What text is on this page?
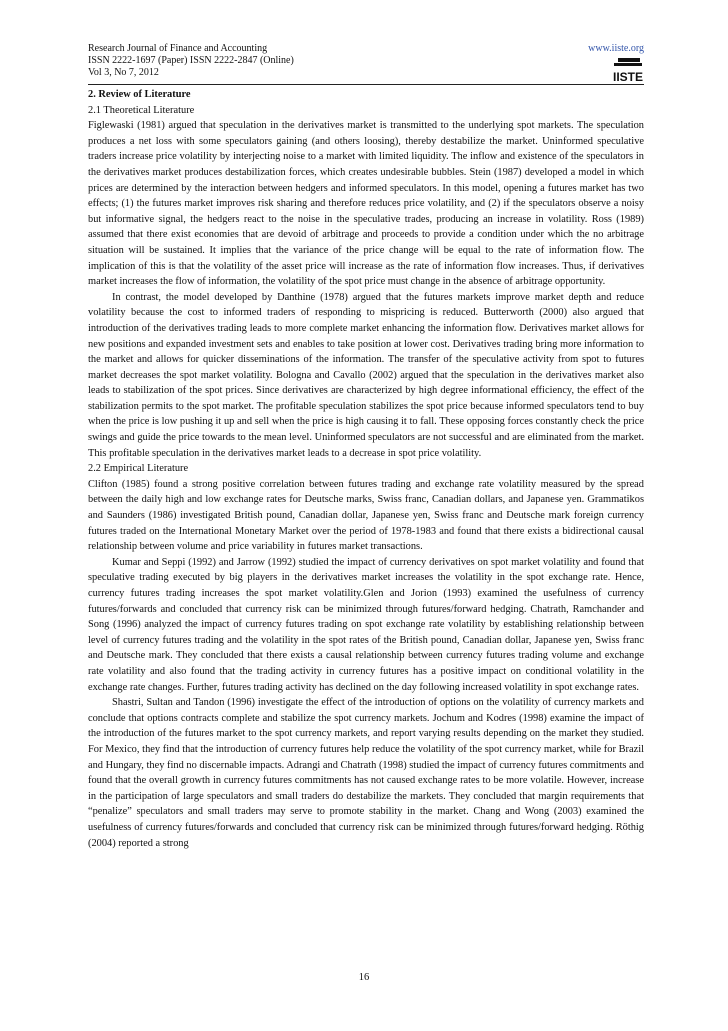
Research Journal of Finance and Accounting
ISSN 2222-1697 (Paper) ISSN 2222-2847 (Online)
Vol 3, No 7, 2012
www.iiste.org
IISTE
2. Review of Literature
2.1 Theoretical Literature

Figlewaski (1981) argued that speculation in the derivatives market is transmitted to the underlying spot markets. The speculation produces a net loss with some speculators gaining (and others loosing), thereby destabilize the market. Uninformed speculative traders increase price volatility by interjecting noise to a market with limited liquidity. The inflow and existence of the speculators in the derivatives market produces destabilization forces, which creates undesirable bubbles. Stein (1987) developed a model in which prices are determined by the interaction between hedgers and informed speculators. In this model, opening a futures market has two effects; (1) the futures market improves risk sharing and therefore reduces price volatility, and (2) if the speculators observe a noisy but informative signal, the hedgers react to the noise in the speculative trades, producing an increase in volatility. Ross (1989) assumed that there exist economies that are devoid of arbitrage and proceeds to provide a condition under which the no arbitrage situation will be sustained. It implies that the variance of the price change will be equal to the rate of information flow. The implication of this is that the volatility of the asset price will increase as the rate of information flow increases. Thus, if derivatives market increases the flow of information, the volatility of the spot price must change in the absence of arbitrage opportunity.

In contrast, the model developed by Danthine (1978) argued that the futures markets improve market depth and reduce volatility because the cost to informed traders of responding to mispricing is reduced. Butterworth (2000) also argued that introduction of the derivatives trading leads to more complete market enhancing the information flow. Derivatives market allows for new positions and expanded investment sets and enables to take position at lower cost. Derivatives trading bring more information to the market and allows for quicker disseminations of the information. The transfer of the speculative activity from spot to futures market decreases the spot market volatility. Bologna and Cavallo (2002) argued that the speculation in the derivatives market also leads to stabilization of the spot prices. Since derivatives are characterized by high degree informational efficiency, the effect of the stabilization permits to the spot market. The profitable speculation stabilizes the spot price because informed speculators tend to buy when the price is low pushing it up and sell when the price is high causing it to fall. These opposing forces constantly check the price swings and guide the price towards to the mean level. Uninformed speculators are not successful and are eliminated from the market. This profitable speculation in the derivatives market leads to a decrease in spot price volatility.

2.2 Empirical Literature

Clifton (1985) found a strong positive correlation between futures trading and exchange rate volatility measured by the spread between the daily high and low exchange rates for Deutsche marks, Swiss franc, Canadian dollars, and Japanese yen. Grammatikos and Saunders (1986) investigated British pound, Canadian dollar, Japanese yen, Swiss franc and Deutsche mark foreign currency futures traded on the International Monetary Market over the period of 1978-1983 and found that there exists a bidirectional causal relationship between volume and price variability in futures market transactions.

Kumar and Seppi (1992) and Jarrow (1992) studied the impact of currency derivatives on spot market volatility and found that speculative trading executed by big players in the derivatives market increases the volatility in the spot exchange rate. Hence, currency futures trading increases the spot market volatility.Glen and Jorion (1993) examined the usefulness of currency futures/forwards and concluded that currency risk can be minimized through futures/forward hedging. Chatrath, Ramchander and Song (1996) analyzed the impact of currency futures trading on spot exchange rate volatility by establishing relationship between level of currency futures trading and the volatility in the spot rates of the British pound, Canadian dollar, Japanese yen, Swiss franc and Deutsche mark. They concluded that there exists a causal relationship between currency futures trading volume and exchange rate volatility and also found that the trading activity in currency futures has a positive impact on conditional volatility in the exchange rate changes. Further, futures trading activity has declined on the day following increased volatility in spot exchange rates.

Shastri, Sultan and Tandon (1996) investigate the effect of the introduction of options on the volatility of currency markets and conclude that options contracts complete and stabilize the spot currency markets. Jochum and Kodres (1998) examine the impact of the introduction of the futures market to the spot currency markets, and report varying results depending on the market they studied. For Mexico, they find that the introduction of currency futures help reduce the volatility of the spot currency market, while for Brazil and Hungary, they find no discernable impacts. Adrangi and Chatrath (1998) studied the impact of currency futures commitments and found that the overall growth in currency futures commitments has not caused exchange rates to be more volatile. However, increase in the participation of large speculators and small traders do destabilize the markets. They concluded that margin requirements that “penalize” speculators and small traders may serve to promote stability in the market. Chang and Wong (2003) examined the usefulness of currency futures/forwards and concluded that currency risk can be minimized through futures/forward hedging. Röthig (2004) reported a strong

16
